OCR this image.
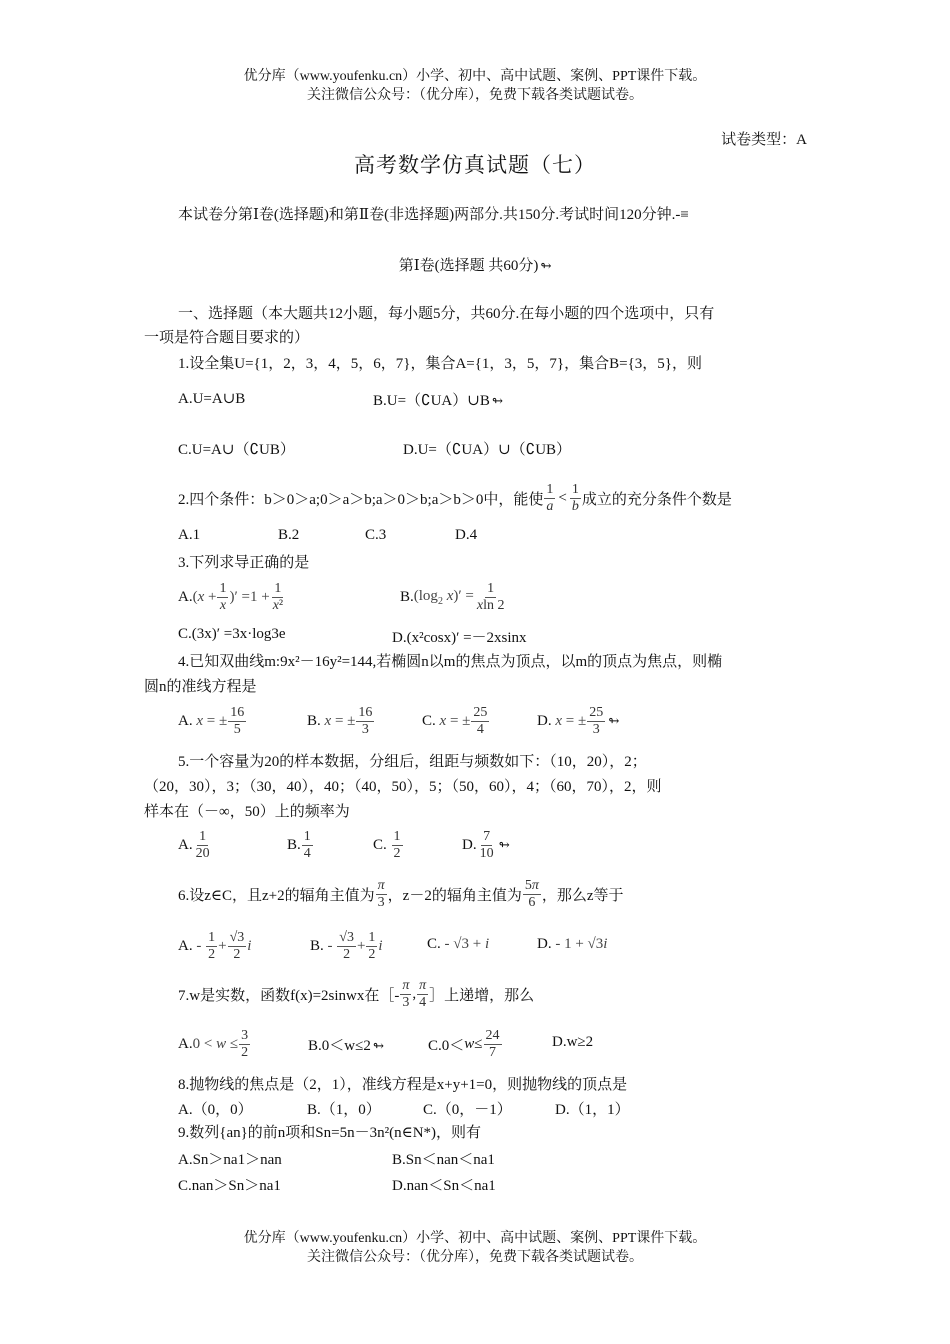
优分库（www.youfenku.cn）小学、初中、高中试题、案例、PPT课件下载。
关注微信公众号：（优分库），免费下载各类试题试卷。
试卷类型：A
高考数学仿真试题（七）
本试卷分第Ⅰ卷(选择题)和第Ⅱ卷(非选择题)两部分.共150分.考试时间120分钟.-≡
第Ⅰ卷(选择题 共60分) ↬
一、选择题（本大题共12小题，每小题5分，共60分.在每小题的四个选项中，只有
一项是符合题目要求的）
1.设全集U={1，2，3，4，5，6，7}，集合A={1，3，5，7}，集合B={3，5}，则
A.U=A∪B	B.U=（∁UA）∪B ↬
C.U=A∪（∁UB）	D.U=（∁UA）∪（∁UB）
2.四个条件：b＞0＞a;0＞a＞b;a＞0＞b;a＞b＞0中，能使 $\frac{1}{a} < \frac{1}{b}$ 成立的充分条件个数是
A.1	B.2	C.3	D.4
3.下列求导正确的是
A. ($x + \frac{1}{x}$ )′ $=1 + \frac{1}{\text{x²}}$	B. ($\log_2$ $x)' = \frac{1}{xln 2}$
C.(3x)′ =3x·log3e	D.(x²cosx)′ =－2xsinx
4.已知双曲线m:9x²－16y²=144,若椭圆n以m的焦点为顶点，以m的顶点为焦点，则椭
圆n的准线方程是
A. x = ± $\frac{16}{5}$	B. x = ± $\frac{16}{3}$	C. x = ± $\frac{25}{4}$	D. x = ± $\frac{25}{3}$ ↬
5.一个容量为20的样本数据，分组后，组距与频数如下：（10，20），2；
（20，30），3；（30，40），40；（40，50），5；（50，60），4；（60，70），2，则
样本在（－∞，50）上的频率为
A. $\frac{1}{20}$	B. $\frac{1}{4}$	C. $\frac{1}{2}$	D. $\frac{7}{10}$ ↬
6.设z∈C，且z+2的辐角主值为 $\frac{\pi}{3}$ ，z－2的辐角主值为 $\frac{5\pi}{6}$ ，那么z等于
A. - $\frac{1}{2} + \frac{√3}{2}$ i	B. - $\frac{√3}{2} + \frac{1}{2}$ i	C. - √3 + i	D. - 1 + √3i
7.w是实数，函数f(x)=2sinwx在［- $\frac{\pi}{3}$ , $\frac{\pi}{4}$ ］上递增，那么
A. $0 < w \le \frac{3}{2}$	B.0＜w≤2 ↬	$C.0< w \le \frac{24}{7}$	D.w≥2
8.抛物线的焦点是（2，1），准线方程是x+y+1=0，则抛物线的顶点是
A.（0，0）	B.（1，0）	C.（0，－1）	D.（1，1）
9.数列{an}的前n项和Sn=5n－3n²(n∈N*)，则有
A.Sn＞na1＞nan	B.Sn＜nan＜na1
C.nan＞Sn＞na1	D.nan＜Sn＜na1
优分库（www.youfenku.cn）小学、初中、高中试题、案例、PPT课件下载。
关注微信公众号：（优分库），免费下载各类试题试卷。
